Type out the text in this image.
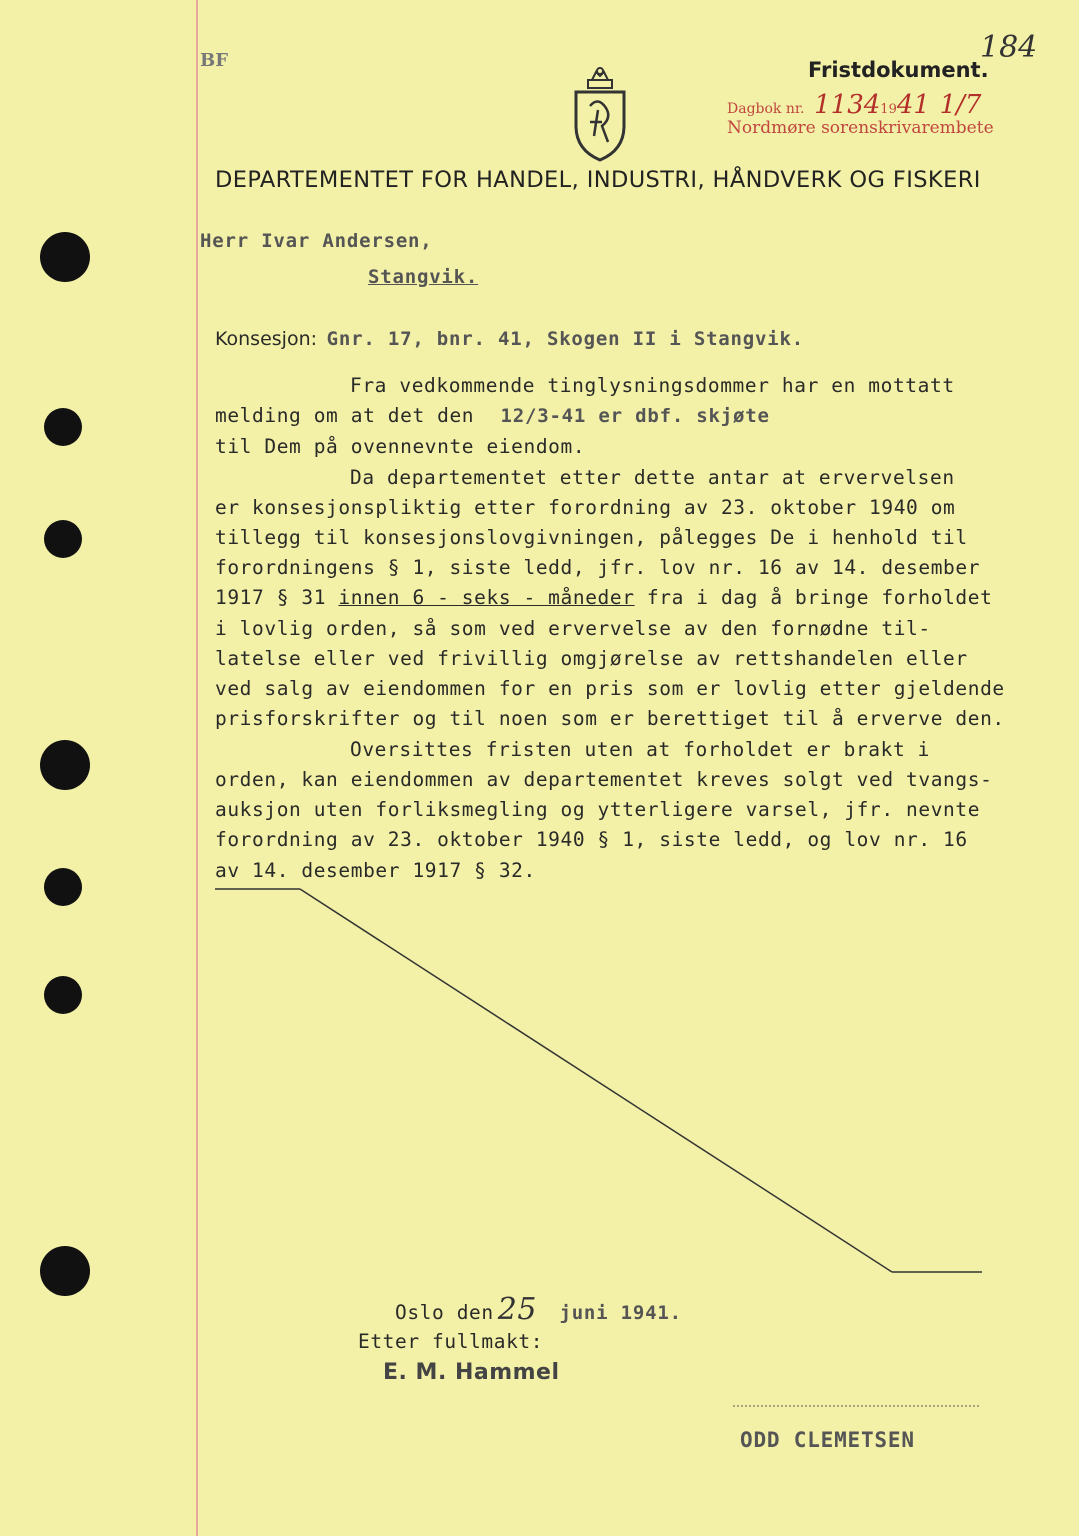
BF	Fristdokument.
184
Dagbok nr. 11341941 1/7
Nordmøre sorenskrivarembete
DEPARTEMENTET FOR HANDEL, INDUSTRI, HÅNDVERK OG FISKERI
Herr Ivar Andersen,
Stangvik.
Konsesjon: Gnr. 17, bnr. 41, Skogen II i Stangvik.
Fra vedkommende tinglysningsdommer har en mottatt
melding om at det den 12/3-41 er dbf. skjøte
til Dem på ovennevnte eiendom.
Da departementet etter dette antar at ervervelsen
er konsesjonspliktig etter forordning av 23. oktober 1940 om
tillegg til konsesjonslovgivningen, pålegges De i henhold til
forordningens § 1, siste ledd, jfr. lov nr. 16 av 14. desember
1917 § 31 innen 6 - seks - måneder fra i dag å bringe forholdet
i lovlig orden, så som ved ervervelse av den fornødne til-
latelse eller ved frivillig omgjørelse av rettshandelen eller
ved salg av eiendommen for en pris som er lovlig etter gjeldende
prisforskrifter og til noen som er berettiget til å erverve den.
Oversittes fristen uten at forholdet er brakt i
orden, kan eiendommen av departementet kreves solgt ved tvangs-
auksjon uten forliksmegling og ytterligere varsel, jfr. nevnte
forordning av 23. oktober 1940 § 1, siste ledd, og lov nr. 16
av 14. desember 1917 § 32.
Oslo den 25 juni 1941.
Etter fullmakt:
E. M. Hammel
ODD CLEMETSEN
